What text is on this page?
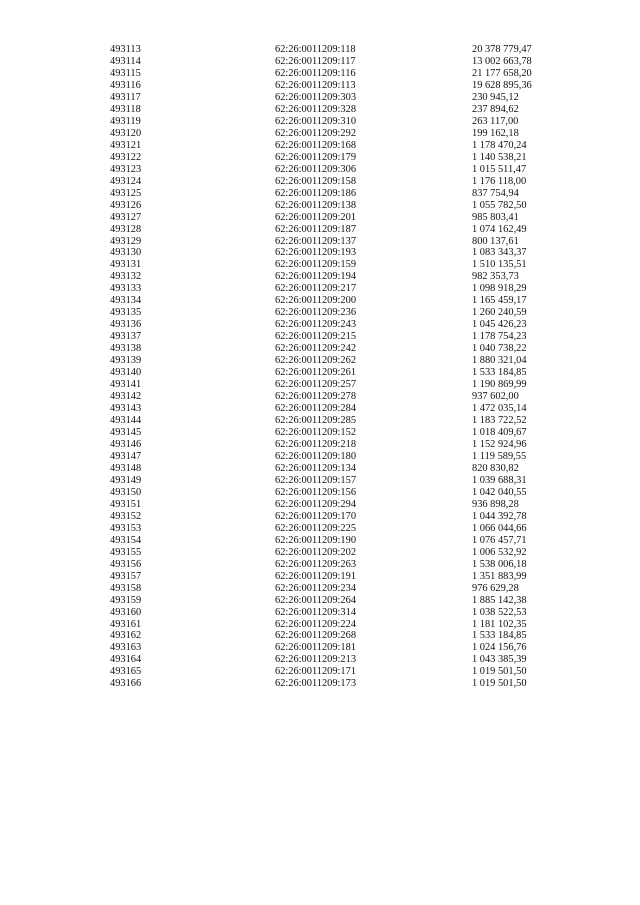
493113	62:26:0011209:118	20 378 779,47
493114	62:26:0011209:117	13 002 663,78
493115	62:26:0011209:116	21 177 658,20
493116	62:26:0011209:113	19 628 895,36
493117	62:26:0011209:303	230 945,12
493118	62:26:0011209:328	237 894,62
493119	62:26:0011209:310	263 117,00
493120	62:26:0011209:292	199 162,18
493121	62:26:0011209:168	1 178 470,24
493122	62:26:0011209:179	1 140 538,21
493123	62:26:0011209:306	1 015 511,47
493124	62:26:0011209:158	1 176 118,00
493125	62:26:0011209:186	837 754,94
493126	62:26:0011209:138	1 055 782,50
493127	62:26:0011209:201	985 803,41
493128	62:26:0011209:187	1 074 162,49
493129	62:26:0011209:137	800 137,61
493130	62:26:0011209:193	1 083 343,37
493131	62:26:0011209:159	1 510 135,51
493132	62:26:0011209:194	982 353,73
493133	62:26:0011209:217	1 098 918,29
493134	62:26:0011209:200	1 165 459,17
493135	62:26:0011209:236	1 260 240,59
493136	62:26:0011209:243	1 045 426,23
493137	62:26:0011209:215	1 178 754,23
493138	62:26:0011209:242	1 040 738,22
493139	62:26:0011209:262	1 880 321,04
493140	62:26:0011209:261	1 533 184,85
493141	62:26:0011209:257	1 190 869,99
493142	62:26:0011209:278	937 602,00
493143	62:26:0011209:284	1 472 035,14
493144	62:26:0011209:285	1 183 722,52
493145	62:26:0011209:152	1 018 409,67
493146	62:26:0011209:218	1 152 924,96
493147	62:26:0011209:180	1 119 589,55
493148	62:26:0011209:134	820 830,82
493149	62:26:0011209:157	1 039 688,31
493150	62:26:0011209:156	1 042 040,55
493151	62:26:0011209:294	936 898,28
493152	62:26:0011209:170	1 044 392,78
493153	62:26:0011209:225	1 066 044,66
493154	62:26:0011209:190	1 076 457,71
493155	62:26:0011209:202	1 006 532,92
493156	62:26:0011209:263	1 538 006,18
493157	62:26:0011209:191	1 351 883,99
493158	62:26:0011209:234	976 629,28
493159	62:26:0011209:264	1 885 142,38
493160	62:26:0011209:314	1 038 522,53
493161	62:26:0011209:224	1 181 102,35
493162	62:26:0011209:268	1 533 184,85
493163	62:26:0011209:181	1 024 156,76
493164	62:26:0011209:213	1 043 385,39
493165	62:26:0011209:171	1 019 501,50
493166	62:26:0011209:173	1 019 501,50
